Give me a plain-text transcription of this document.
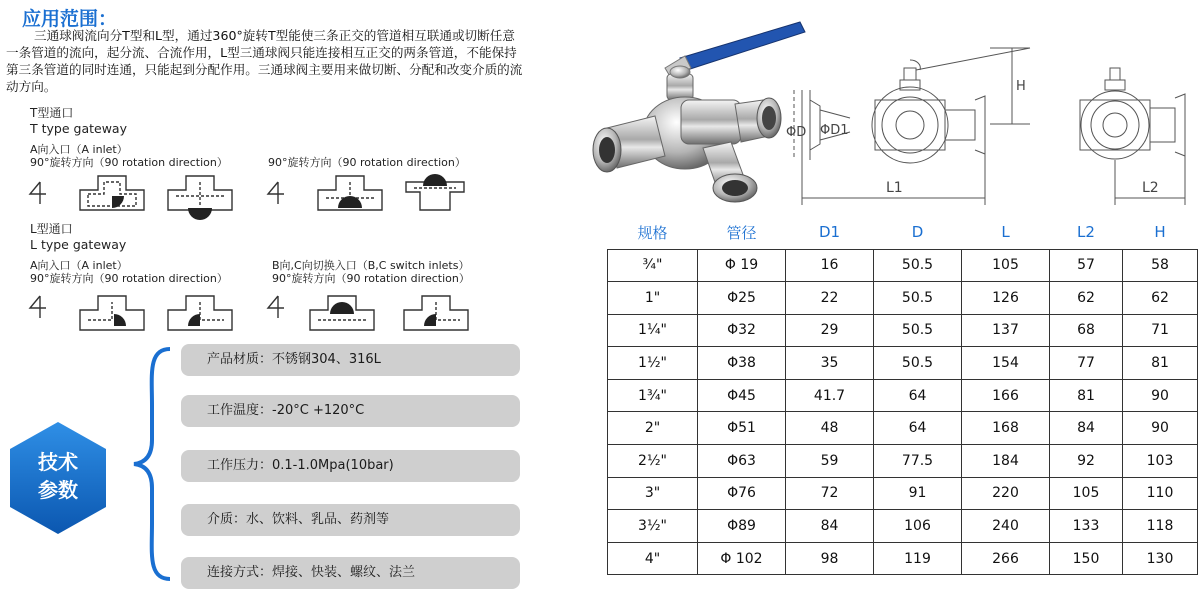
应用范围：
三通球阀流向分T型和L型，通过360°旋转T型能使三条正交的管道相互联通或切断任意一条管道的流向，起分流、合流作用，L型三通球阀只能连接相互正交的两条管道，不能保持第三条管道的同时连通，只能起到分配作用。三通球阀主要用来做切断、分配和改变介质的流动方向。
T型通口
T type gateway
A向入口（A inlet）
90°旋转方向（90 rotation direction）	90°旋转方向（90 rotation direction）
L型通口
L type gateway
A向入口（A inlet）
90°旋转方向（90 rotation direction）
B向,C向切换入口（B,C switch inlets）
90°旋转方向（90 rotation direction）
技术
参数
产品材质：不锈钢304、316L
工作温度：-20°C +120°C
工作压力：0.1-1.0Mpa(10bar)
介质：水、饮料、乳品、药剂等
连接方式：焊接、快装、螺纹、法兰
ΦD ΦD1
H
L1	L2
规格	管径	D1	D	L	L2	H
¾"	Φ 19	16	50.5	105	57	58
1"	Φ25	22	50.5	126	62	62
1¼"	Φ32	29	50.5	137	68	71
1½"	Φ38	35	50.5	154	77	81
1¾"	Φ45	41.7	64	166	81	90
2"	Φ51	48	64	168	84	90
2½"	Φ63	59	77.5	184	92	103
3"	Φ76	72	91	220	105	110
3½"	Φ89	84	106	240	133	118
4"	Φ 102	98	119	266	150	130
